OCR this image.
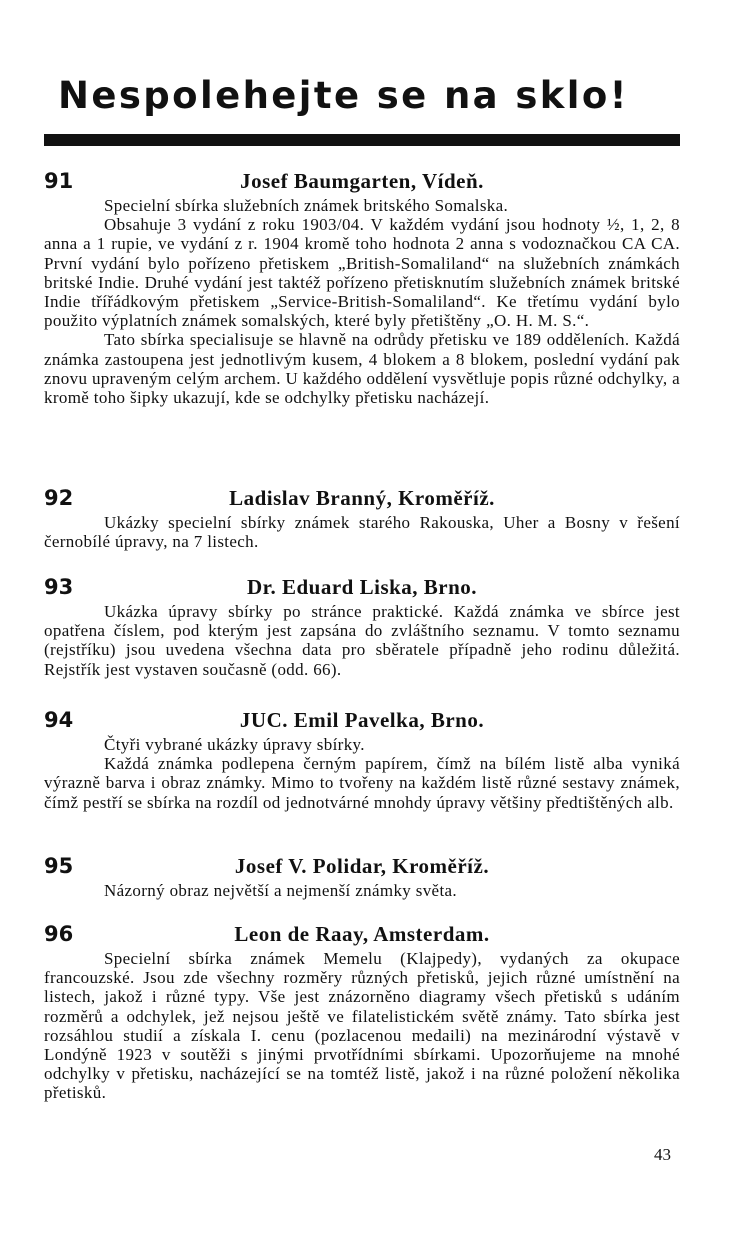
Nespolehejte se na sklo!
91	Josef Baumgarten, Vídeň.

Specielní sbírka služebních známek britského Somalska.

Obsahuje 3 vydání z roku 1903/04. V každém vydání jsou hodnoty ½, 1, 2, 8 anna a 1 rupie, ve vydání z r. 1904 kromě toho hodnota 2 anna s vodoznačkou CA CA. První vydání bylo pořízeno přetiskem „British-Somaliland“ na služebních známkách britské Indie. Druhé vydání jest taktéž pořízeno přetisknutím služebních známek britské Indie třířádkovým přetiskem „Service-British-Somaliland“. Ke třetímu vydání bylo použito výplatních známek somalských, které byly přetištěny „O. H. M. S.“.

Tato sbírka specialisuje se hlavně na odrůdy přetisku ve 189 odděleních. Každá známka zastoupena jest jednotlivým kusem, 4 blokem a 8 blokem, poslední vydání pak znovu upraveným celým archem. U každého oddělení vysvětluje popis různé odchylky, a kromě toho šipky ukazují, kde se odchylky přetisku nacházejí.

92	Ladislav Branný, Kroměříž.

Ukázky specielní sbírky známek starého Rakouska, Uher a Bosny v řešení černobílé úpravy, na 7 listech.

93	Dr. Eduard Liska, Brno.

Ukázka úpravy sbírky po stránce praktické. Každá známka ve sbírce jest opatřena číslem, pod kterým jest zapsána do zvláštního seznamu. V tomto seznamu (rejstříku) jsou uvedena všechna data pro sběratele případně jeho rodinu důležitá. Rejstřík jest vystaven současně (odd. 66).

94	JUC. Emil Pavelka, Brno.

Čtyři vybrané ukázky úpravy sbírky.

Každá známka podlepena černým papírem, čímž na bílém listě alba vyniká výrazně barva i obraz známky. Mimo to tvořeny na každém listě různé sestavy známek, čímž pestří se sbírka na rozdíl od jednotvárné mnohdy úpravy většiny předtištěných alb.

95	Josef V. Polidar, Kroměříž.

Názorný obraz největší a nejmenší známky světa.

96	Leon de Raay, Amsterdam.

Specielní sbírka známek Memelu (Klajpedy), vydaných za okupace francouzské. Jsou zde všechny rozměry různých přetisků, jejich různé umístnění na listech, jakož i různé typy. Vše jest znázorněno diagramy všech přetisků s udáním rozměrů a odchylek, jež nejsou ještě ve filatelistickém světě známy. Tato sbírka jest rozsáhlou studií a získala I. cenu (pozlacenou medaili) na mezinárodní výstavě v Londýně 1923 v soutěži s jinými prvotřídními sbírkami. Upozorňujeme na mnohé odchylky v přetisku, nacházející se na tomtéž listě, jakož i na různé položení několika přetisků.

43
